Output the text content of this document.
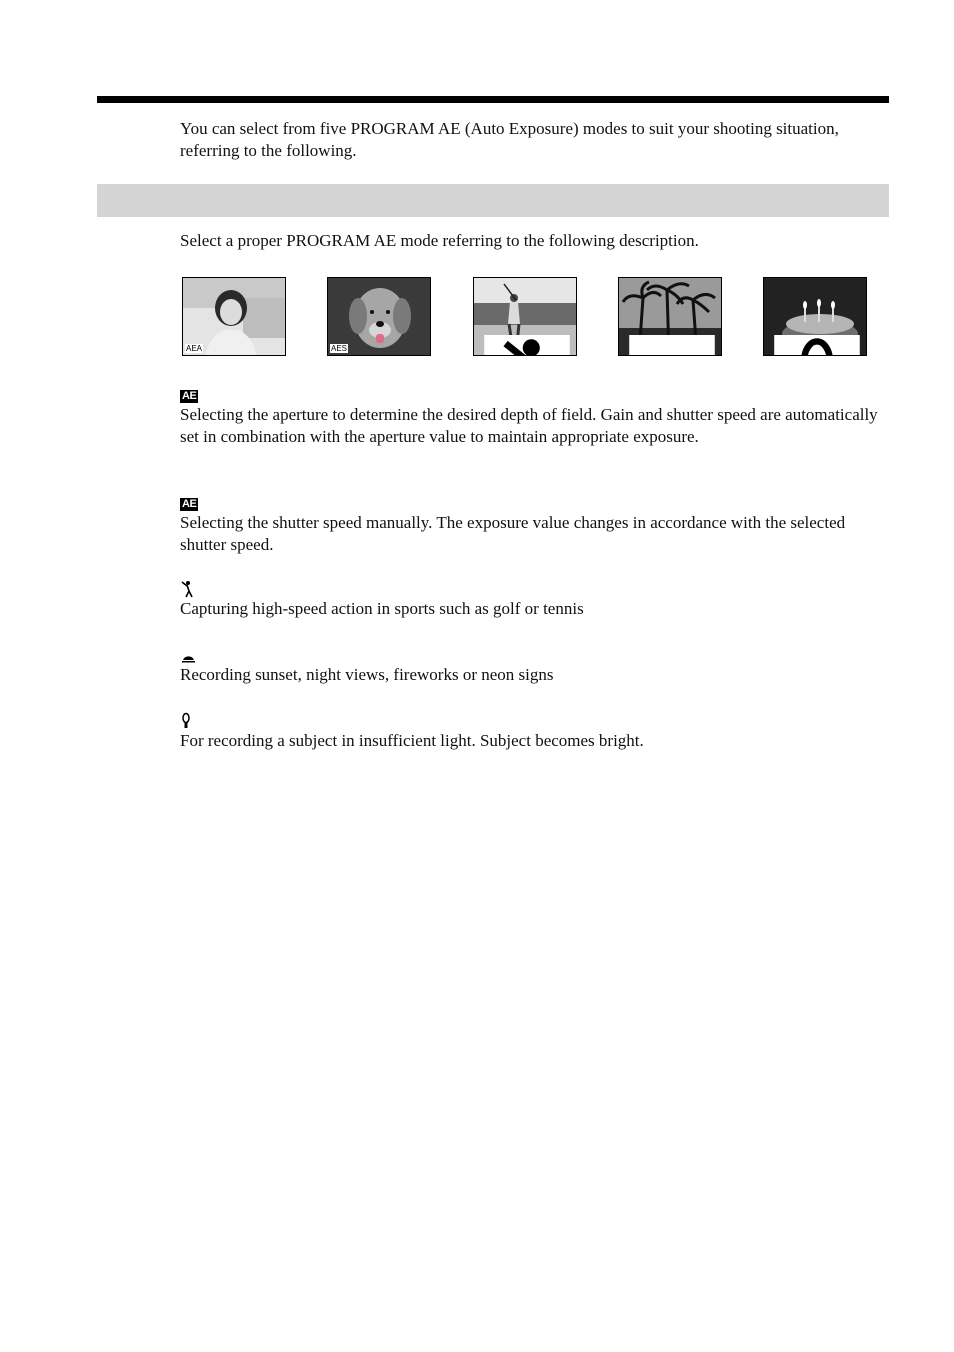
You can select from five PROGRAM AE (Auto Exposure) modes to suit your shooting situation, referring to the following.

Select a proper PROGRAM AE mode referring to the following description.

AEA	AES
AE

Selecting the aperture to determine the desired depth of field. Gain and shutter speed are automatically set in combination with the aperture value to maintain appropriate exposure.

AE

Selecting the shutter speed manually. The exposure value changes in accordance with the selected shutter speed.

Capturing high-speed action in sports such as golf or tennis

Recording sunset, night views, fireworks or neon signs

For recording a subject in insufficient light. Subject becomes bright.
